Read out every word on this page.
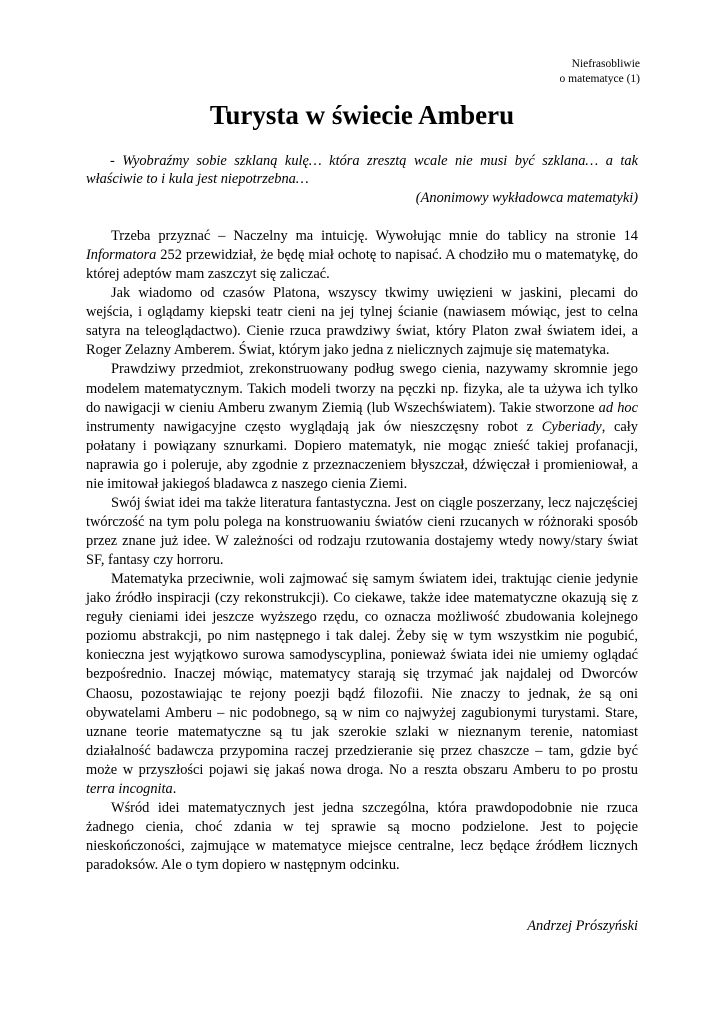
Niefrasobliwie
o matematyce (1)
Turysta w świecie Amberu

- Wyobraźmy sobie szklaną kulę… która zresztą wcale nie musi być szklana… a tak właściwie to i kula jest niepotrzebna…

(Anonimowy wykładowca matematyki)

Trzeba przyznać – Naczelny ma intuicję. Wywołując mnie do tablicy na stronie 14 Informatora 252 przewidział, że będę miał ochotę to napisać. A chodziło mu o matematykę, do której adeptów mam zaszczyt się zaliczać.

Jak wiadomo od czasów Platona, wszyscy tkwimy uwięzieni w jaskini, plecami do wejścia, i oglądamy kiepski teatr cieni na jej tylnej ścianie (nawiasem mówiąc, jest to celna satyra na teleoglądactwo). Cienie rzuca prawdziwy świat, który Platon zwał światem idei, a Roger Zelazny Amberem. Świat, którym jako jedna z nielicznych zajmuje się matematyka.

Prawdziwy przedmiot, zrekonstruowany podług swego cienia, nazywamy skromnie jego modelem matematycznym. Takich modeli tworzy na pęczki np. fizyka, ale ta używa ich tylko do nawigacji w cieniu Amberu zwanym Ziemią (lub Wszechświatem). Takie stworzone ad hoc instrumenty nawigacyjne często wyglądają jak ów nieszczęsny robot z Cyberiady, cały połatany i powiązany sznurkami. Dopiero matematyk, nie mogąc znieść takiej profanacji, naprawia go i poleruje, aby zgodnie z przeznaczeniem błyszczał, dźwięczał i promieniował, a nie imitował jakiegoś bladawca z naszego cienia Ziemi.

Swój świat idei ma także literatura fantastyczna. Jest on ciągle poszerzany, lecz najczęściej twórczość na tym polu polega na konstruowaniu światów cieni rzucanych w różnoraki sposób przez znane już idee. W zależności od rodzaju rzutowania dostajemy wtedy nowy/stary świat SF, fantasy czy horroru.

Matematyka przeciwnie, woli zajmować się samym światem idei, traktując cienie jedynie jako źródło inspiracji (czy rekonstrukcji). Co ciekawe, także idee matematyczne okazują się z reguły cieniami idei jeszcze wyższego rzędu, co oznacza możliwość zbudowania kolejnego poziomu abstrakcji, po nim następnego i tak dalej. Żeby się w tym wszystkim nie pogubić, konieczna jest wyjątkowo surowa samodyscyplina, ponieważ świata idei nie umiemy oglądać bezpośrednio. Inaczej mówiąc, matematycy starają się trzymać jak najdalej od Dworców Chaosu, pozostawiając te rejony poezji bądź filozofii. Nie znaczy to jednak, że są oni obywatelami Amberu – nic podobnego, są w nim co najwyżej zagubionymi turystami. Stare, uznane teorie matematyczne są tu jak szerokie szlaki w nieznanym terenie, natomiast działalność badawcza przypomina raczej przedzieranie się przez chaszcze – tam, gdzie być może w przyszłości pojawi się jakaś nowa droga. No a reszta obszaru Amberu to po prostu terra incognita.

Wśród idei matematycznych jest jedna szczególna, która prawdopodobnie nie rzuca żadnego cienia, choć zdania w tej sprawie są mocno podzielone. Jest to pojęcie nieskończoności, zajmujące w matematyce miejsce centralne, lecz będące źródłem licznych paradoksów. Ale o tym dopiero w następnym odcinku.

Andrzej Prószyński
